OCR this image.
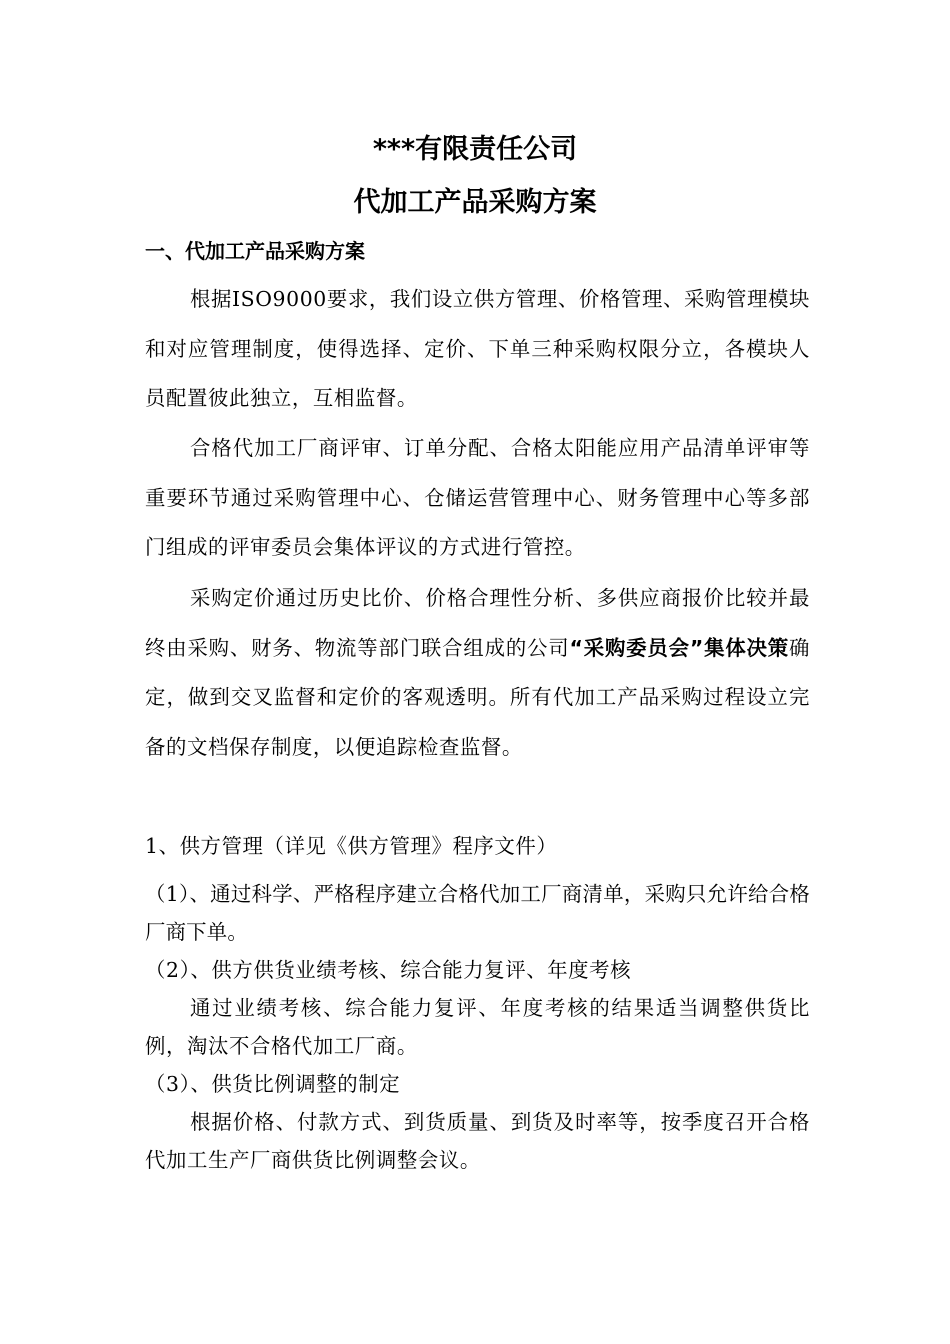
***有限责任公司
代加工产品采购方案
一、代加工产品采购方案

根据ISO9000要求，我们设立供方管理、价格管理、采购管理模块和对应管理制度，使得选择、定价、下单三种采购权限分立，各模块人员配置彼此独立，互相监督。

合格代加工厂商评审、订单分配、合格太阳能应用产品清单评审等重要环节通过采购管理中心、仓储运营管理中心、财务管理中心等多部门组成的评审委员会集体评议的方式进行管控。

采购定价通过历史比价、价格合理性分析、多供应商报价比较并最终由采购、财务、物流等部门联合组成的公司“采购委员会”集体决策确定，做到交叉监督和定价的客观透明。所有代加工产品采购过程设立完备的文档保存制度，以便追踪检查监督。

1、供方管理（详见《供方管理》程序文件）

（1）、通过科学、严格程序建立合格代加工厂商清单，采购只允许给合格厂商下单。

（2）、供方供货业绩考核、综合能力复评、年度考核

通过业绩考核、综合能力复评、年度考核的结果适当调整供货比例，淘汰不合格代加工厂商。

（3）、供货比例调整的制定

根据价格、付款方式、到货质量、到货及时率等，按季度召开合格代加工生产厂商供货比例调整会议。
